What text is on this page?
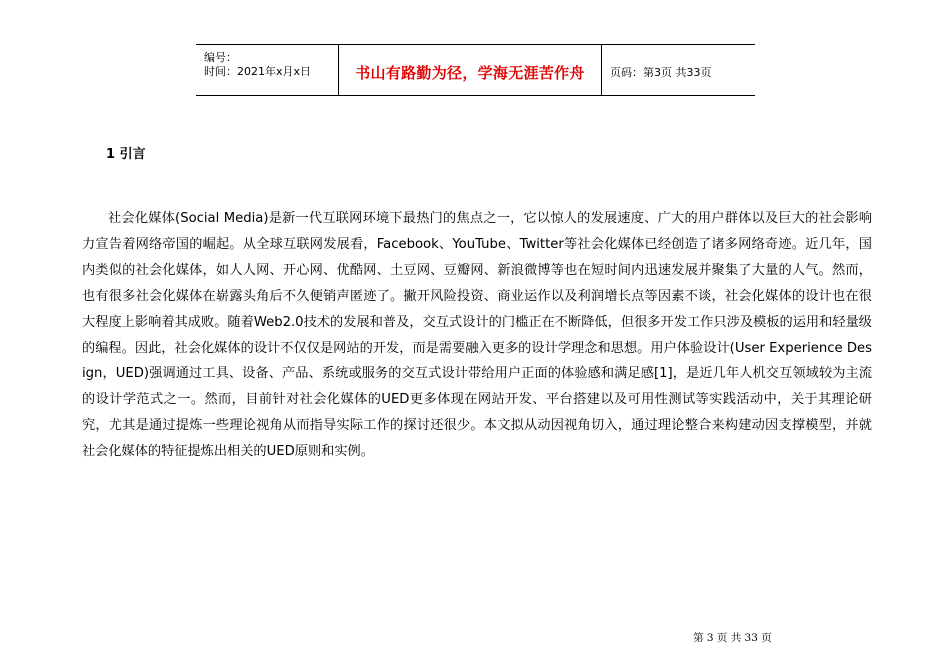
编号：
时间：2021年x月x日	书山有路勤为径，学海无涯苦作舟 页码：第3页 共33页
1 引言
社会化媒体(Social Media)是新一代互联网环境下最热门的焦点之一，它以惊人的发展速度、广大的用户群体以及巨大的社会影响力宣告着网络帝国的崛起。从全球互联网发展看，Facebook、YouTube、Twitter等社会化媒体已经创造了诸多网络奇迹。近几年，国内类似的社会化媒体，如人人网、开心网、优酷网、土豆网、豆瓣网、新浪微博等也在短时间内迅速发展并聚集了大量的人气。然而，也有很多社会化媒体在崭露头角后不久便销声匿迹了。撇开风险投资、商业运作以及利润增长点等因素不谈，社会化媒体的设计也在很大程度上影响着其成败。随着Web2.0技术的发展和普及，交互式设计的门槛正在不断降低，但很多开发工作只涉及模板的运用和轻量级的编程。因此，社会化媒体的设计不仅仅是网站的开发，而是需要融入更多的设计学理念和思想。用户体验设计(User Experience Design，UED)强调通过工具、设备、产品、系统或服务的交互式设计带给用户正面的体验感和满足感[1]，是近几年人机交互领域较为主流的设计学范式之一。然而，目前针对社会化媒体的UED更多体现在网站开发、平台搭建以及可用性测试等实践活动中，关于其理论研究，尤其是通过提炼一些理论视角从而指导实际工作的探讨还很少。本文拟从动因视角切入，通过理论整合来构建动因支撑模型，并就社会化媒体的特征提炼出相关的UED原则和实例。
第 3 页 共 33 页
